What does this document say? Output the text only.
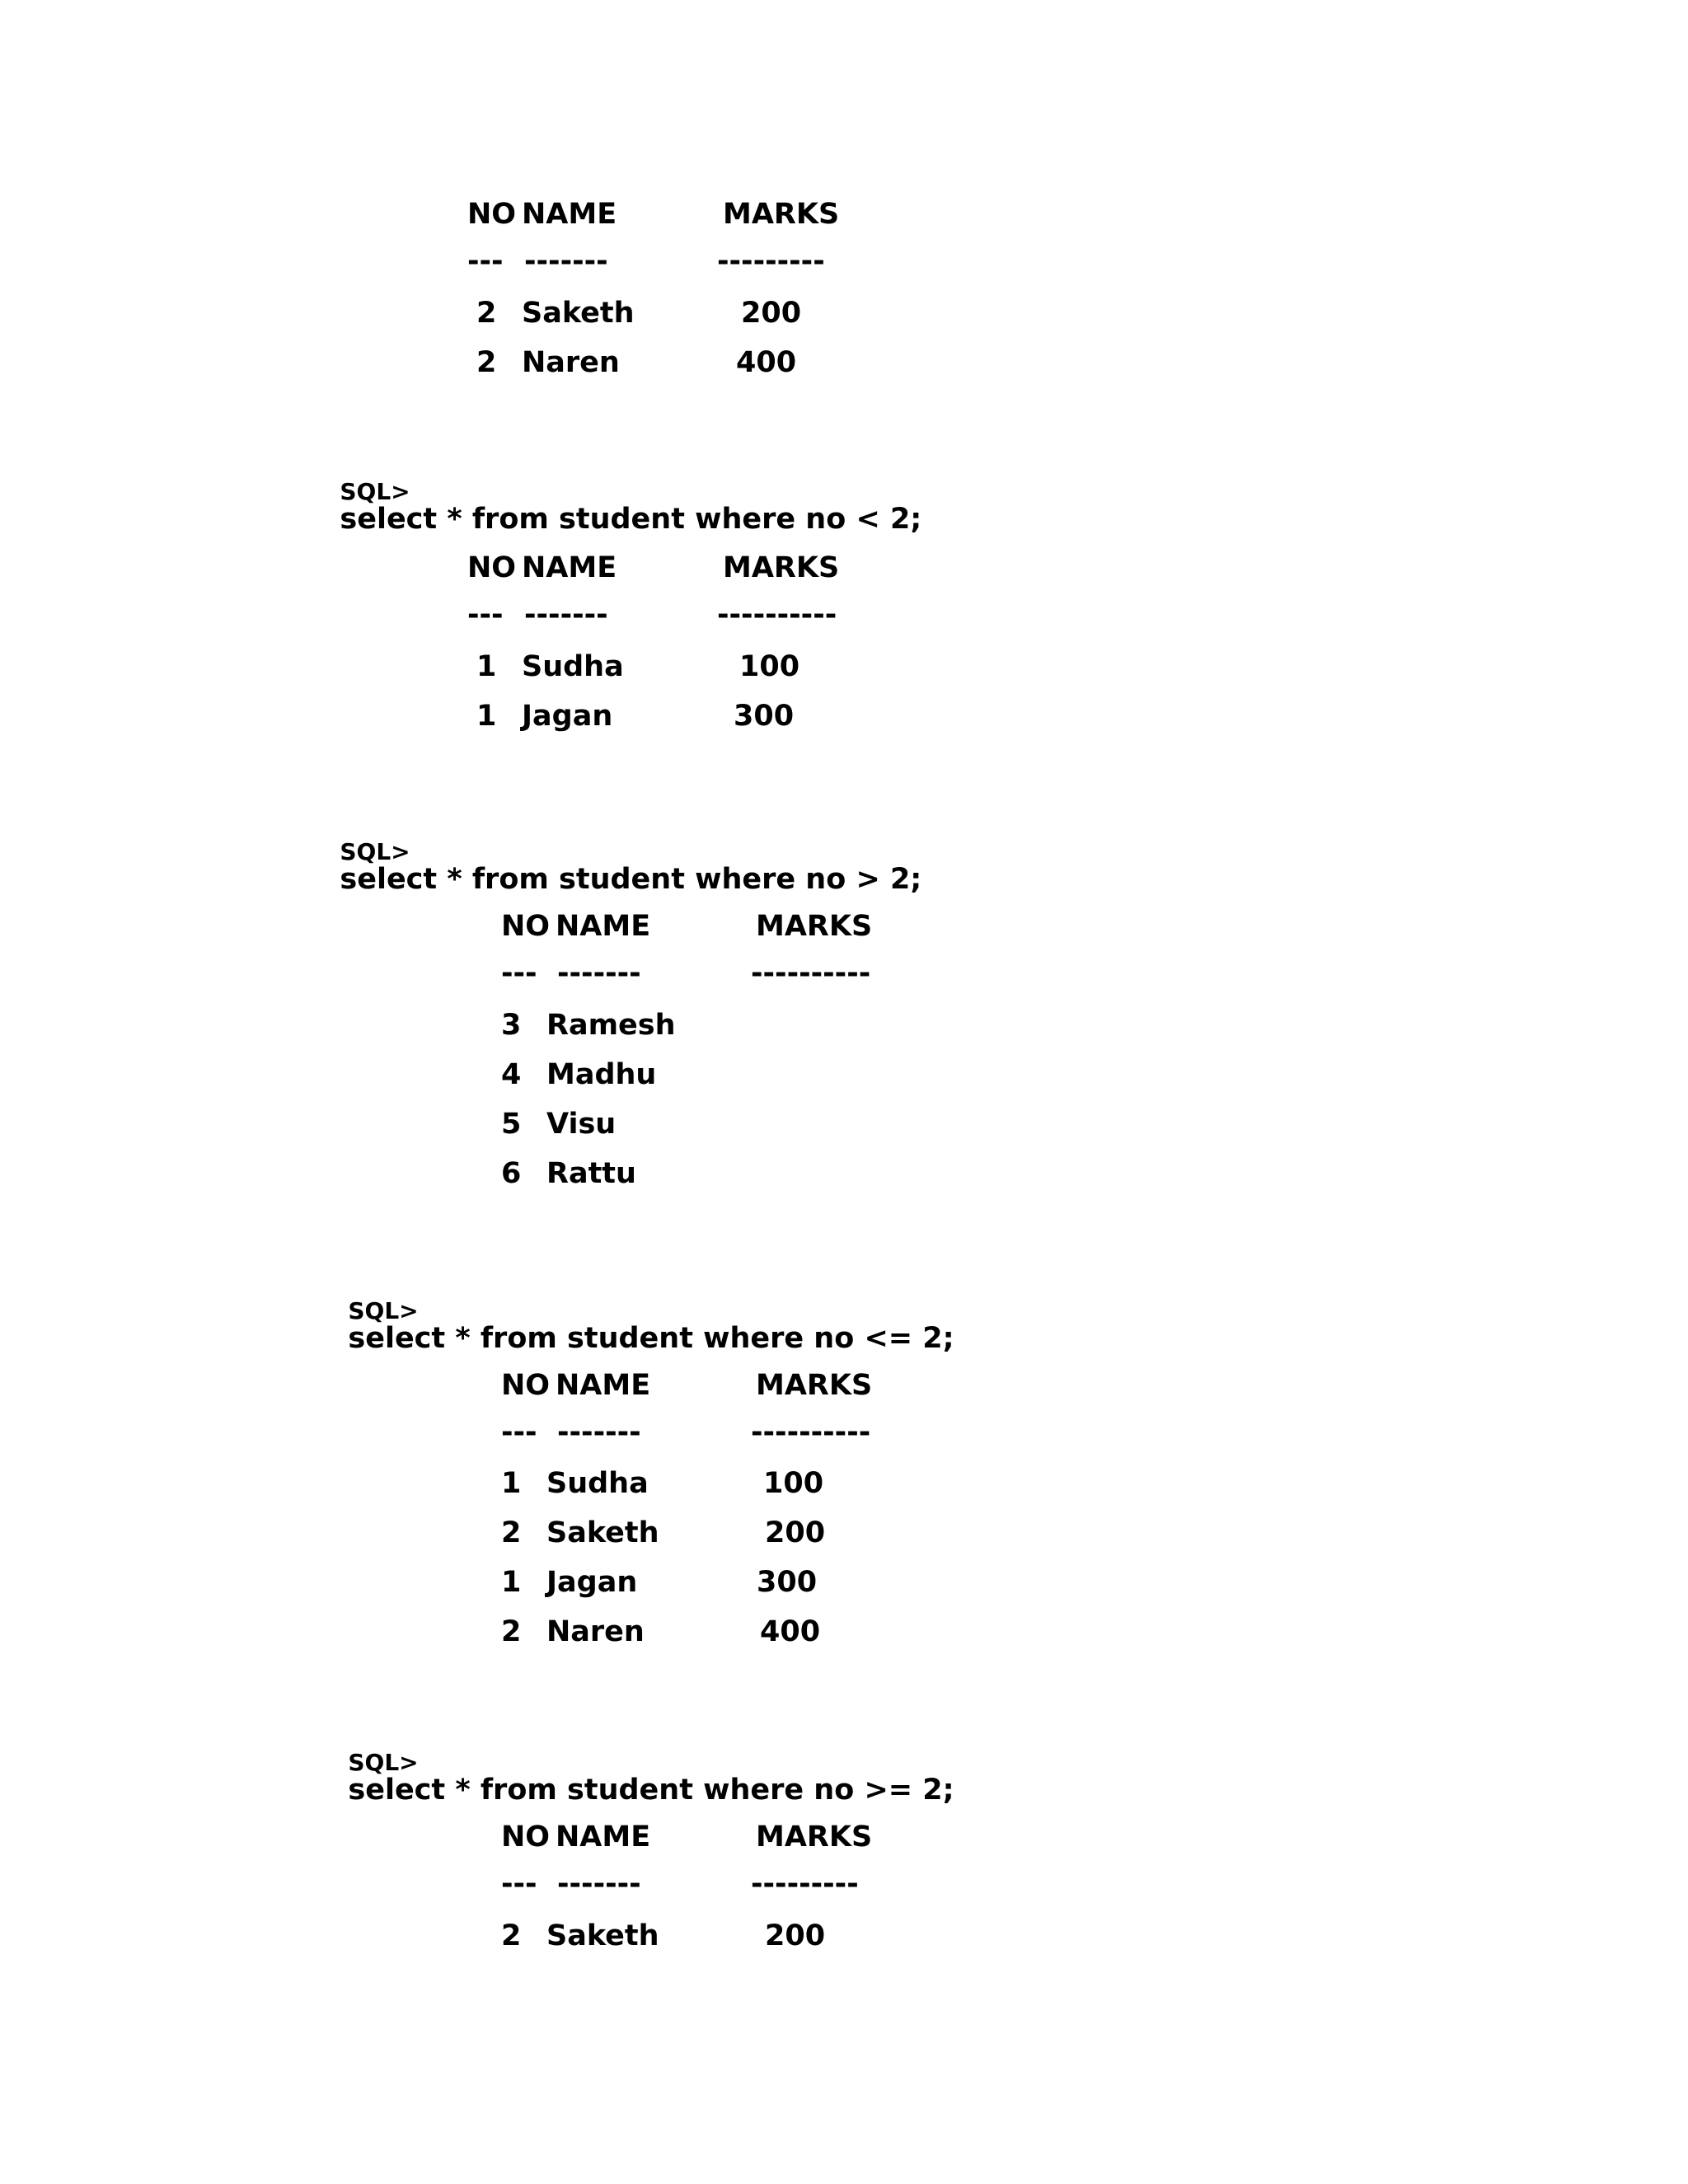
NO NAME	MARKS
--- -------	---------
2 Saketh	200
2 Naren	400

SQL>
select * from student where no < 2;

NO NAME	MARKS
--- -------	----------
1 Sudha	100
1 Jagan	300

SQL>
select * from student where no > 2;

NO NAME	MARKS
--- -------	----------
3 Ramesh
4 Madhu
5 Visu
6 Rattu

SQL>
select * from student where no <= 2;

NO NAME	MARKS
--- -------	----------
1 Sudha	100
2 Saketh	200
1 Jagan	300
2 Naren	400

SQL>
select * from student where no >= 2;

NO NAME	MARKS
--- -------	---------
2 Saketh	200
